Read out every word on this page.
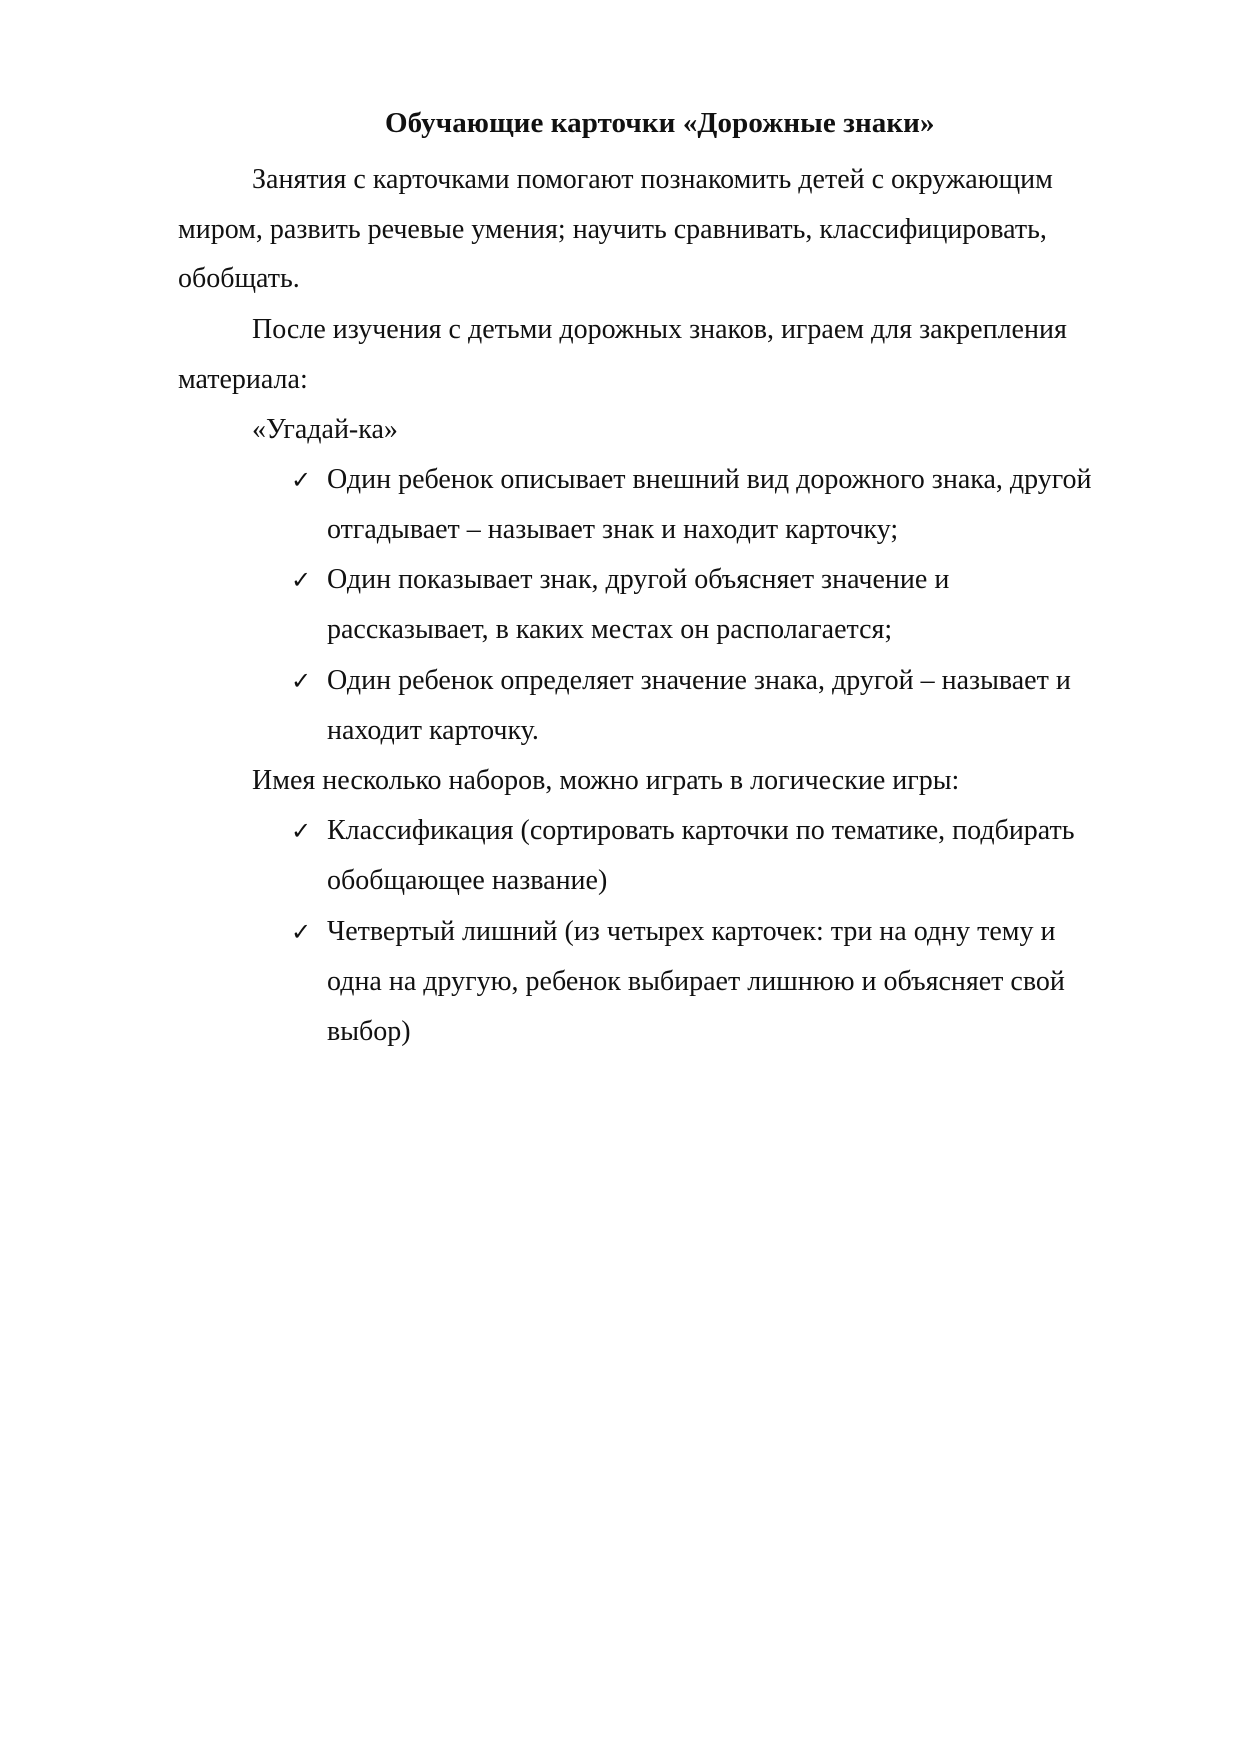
Обучающие карточки «Дорожные знаки»
Занятия с карточками помогают познакомить детей с окружающим
миром, развить речевые умения; научить сравнивать, классифицировать,
обобщать.
После изучения с детьми дорожных знаков, играем для закрепления
материала:
«Угадай-ка»
✓ Один ребенок описывает внешний вид дорожного знака, другой
отгадывает – называет знак и находит карточку;
✓ Один показывает знак, другой объясняет значение и
рассказывает, в каких местах он располагается;
✓ Один ребенок определяет значение знака, другой – называет и
находит карточку.
Имея несколько наборов, можно играть в логические игры:
✓ Классификация (сортировать карточки по тематике, подбирать
обобщающее название)
✓ Четвертый лишний (из четырех карточек: три на одну тему и
одна на другую, ребенок выбирает лишнюю и объясняет свой
выбор)
